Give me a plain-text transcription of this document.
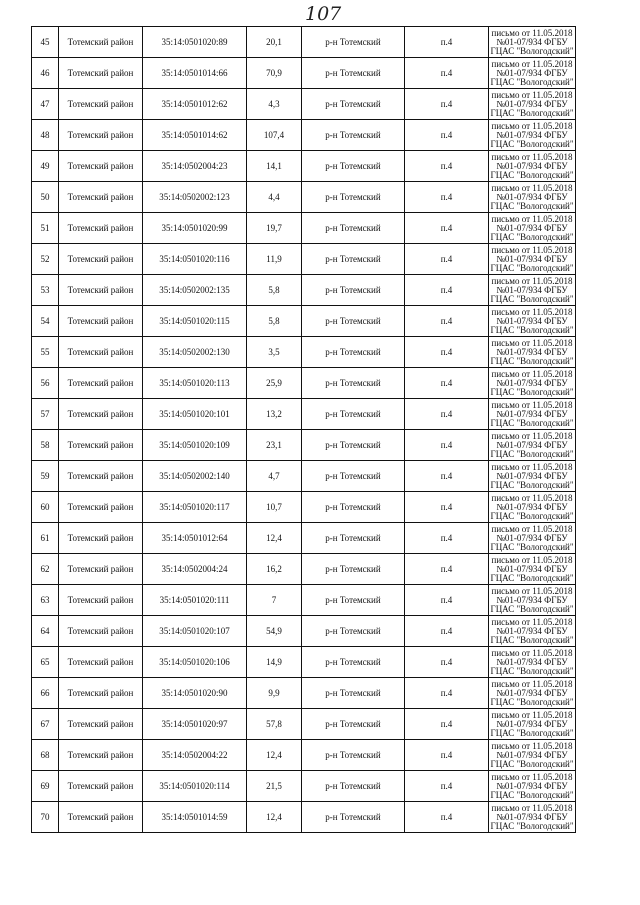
107
45	Тотемский район	35:14:0501020:89	20,1	р-н Тотемский	п.4	письмо от 11.05.2018
№01-07/934 ФГБУ
ГЦАС "Вологодский"

46	Тотемский район	35:14:0501014:66	70,9	р-н Тотемский	п.4	письмо от 11.05.2018
№01-07/934 ФГБУ
ГЦАС "Вологодский"

47	Тотемский район	35:14:0501012:62	4,3	р-н Тотемский	п.4	письмо от 11.05.2018
№01-07/934 ФГБУ
ГЦАС "Вологодский"

48	Тотемский район	35:14:0501014:62	107,4	р-н Тотемский	п.4	письмо от 11.05.2018
№01-07/934 ФГБУ
ГЦАС "Вологодский"

49	Тотемский район	35:14:0502004:23	14,1	р-н Тотемский	п.4	письмо от 11.05.2018
№01-07/934 ФГБУ
ГЦАС "Вологодский"

50	Тотемский район	35:14:0502002:123	4,4	р-н Тотемский	п.4	письмо от 11.05.2018
№01-07/934 ФГБУ
ГЦАС "Вологодский"

51	Тотемский район	35:14:0501020:99	19,7	р-н Тотемский	п.4	письмо от 11.05.2018
№01-07/934 ФГБУ
ГЦАС "Вологодский"

52	Тотемский район	35:14:0501020:116	11,9	р-н Тотемский	п.4	письмо от 11.05.2018
№01-07/934 ФГБУ
ГЦАС "Вологодский"

53	Тотемский район	35:14:0502002:135	5,8	р-н Тотемский	п.4	письмо от 11.05.2018
№01-07/934 ФГБУ
ГЦАС "Вологодский"

54	Тотемский район	35:14:0501020:115	5,8	р-н Тотемский	п.4	письмо от 11.05.2018
№01-07/934 ФГБУ
ГЦАС "Вологодский"

55	Тотемский район	35:14:0502002:130	3,5	р-н Тотемский	п.4	письмо от 11.05.2018
№01-07/934 ФГБУ
ГЦАС "Вологодский"

56	Тотемский район	35:14:0501020:113	25,9	р-н Тотемский	п.4	письмо от 11.05.2018
№01-07/934 ФГБУ
ГЦАС "Вологодский"

57	Тотемский район	35:14:0501020:101	13,2	р-н Тотемский	п.4	письмо от 11.05.2018
№01-07/934 ФГБУ
ГЦАС "Вологодский"

58	Тотемский район	35:14:0501020:109	23,1	р-н Тотемский	п.4	письмо от 11.05.2018
№01-07/934 ФГБУ
ГЦАС "Вологодский"

59	Тотемский район	35:14:0502002:140	4,7	р-н Тотемский	п.4	письмо от 11.05.2018
№01-07/934 ФГБУ
ГЦАС "Вологодский"

60	Тотемский район	35:14:0501020:117	10,7	р-н Тотемский	п.4	письмо от 11.05.2018
№01-07/934 ФГБУ
ГЦАС "Вологодский"

61	Тотемский район	35:14:0501012:64	12,4	р-н Тотемский	п.4	письмо от 11.05.2018
№01-07/934 ФГБУ
ГЦАС "Вологодский"

62	Тотемский район	35:14:0502004:24	16,2	р-н Тотемский	п.4	письмо от 11.05.2018
№01-07/934 ФГБУ
ГЦАС "Вологодский"

63	Тотемский район	35:14:0501020:111	7	р-н Тотемский	п.4	письмо от 11.05.2018
№01-07/934 ФГБУ
ГЦАС "Вологодский"

64	Тотемский район	35:14:0501020:107	54,9	р-н Тотемский	п.4	письмо от 11.05.2018
№01-07/934 ФГБУ
ГЦАС "Вологодский"

65	Тотемский район	35:14:0501020:106	14,9	р-н Тотемский	п.4	письмо от 11.05.2018
№01-07/934 ФГБУ
ГЦАС "Вологодский"

66	Тотемский район	35:14:0501020:90	9,9	р-н Тотемский	п.4	письмо от 11.05.2018
№01-07/934 ФГБУ
ГЦАС "Вологодский"

67	Тотемский район	35:14:0501020:97	57,8	р-н Тотемский	п.4	письмо от 11.05.2018
№01-07/934 ФГБУ
ГЦАС "Вологодский"

68	Тотемский район	35:14:0502004:22	12,4	р-н Тотемский	п.4	письмо от 11.05.2018
№01-07/934 ФГБУ
ГЦАС "Вологодский"

69	Тотемский район	35:14:0501020:114	21,5	р-н Тотемский	п.4	письмо от 11.05.2018
№01-07/934 ФГБУ
ГЦАС "Вологодский"

70	Тотемский район	35:14:0501014:59	12,4	р-н Тотемский	п.4	письмо от 11.05.2018
№01-07/934 ФГБУ
ГЦАС "Вологодский"
